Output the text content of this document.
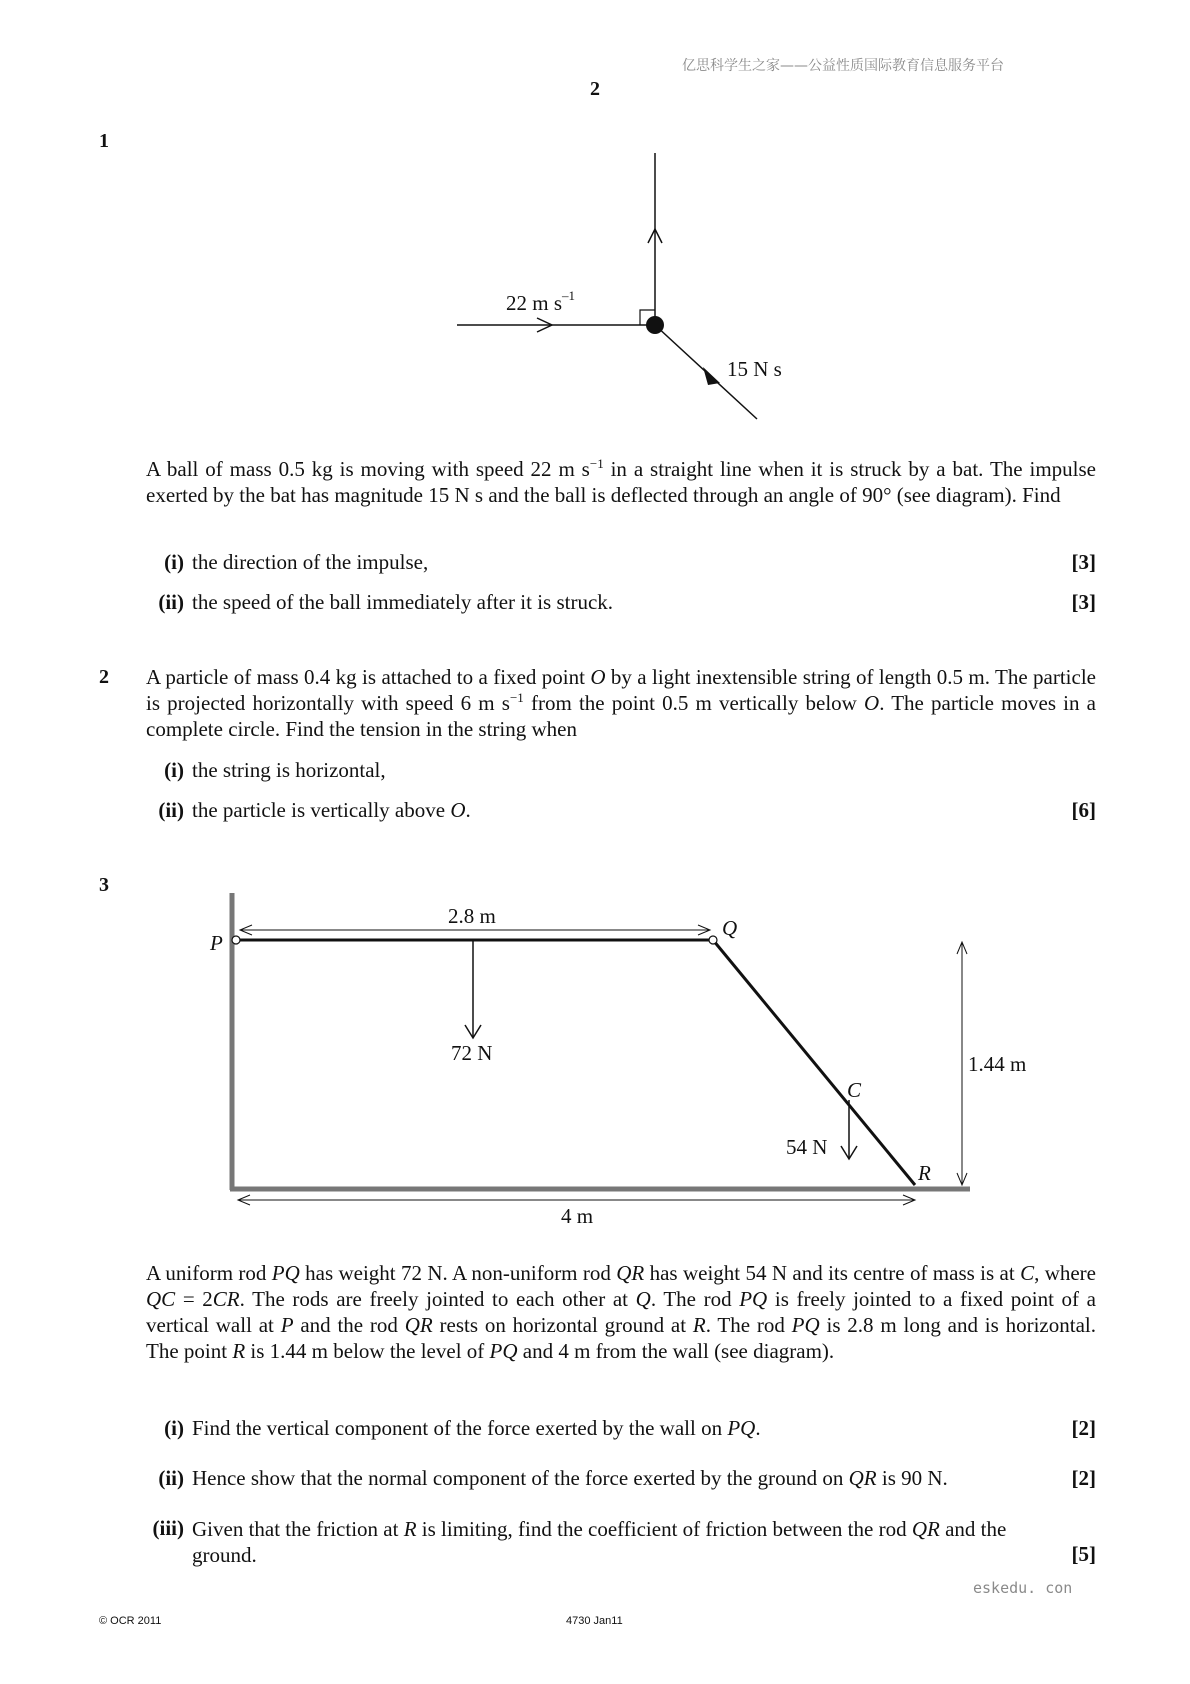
亿思科学生之家——公益性质国际教育信息服务平台
2
1
22 m $s^{-1}$
15 N s
A ball of mass 0.5 kg is moving with speed 22 m $s^{-1}$ in a straight line when it is struck by a bat. The impulse exerted by the bat has magnitude 15 N s and the ball is deflected through an angle of 90° (see diagram). Find
(i) the direction of the impulse,	[3]
(ii) the speed of the ball immediately after it is struck.	[3]
2 A particle of mass 0.4 kg is attached to a fixed point O by a light inextensible string of length 0.5 m. The particle is projected horizontally with speed 6 m $s^{-1}$ from the point 0.5 m vertically below O. The particle moves in a complete circle. Find the tension in the string when
(i) the string is horizontal,
(ii) the particle is vertically above O.	[6]
3
P
Q
C
R
2.8 m
72 N
54 N
1.44 m
4 m
A uniform rod PQ has weight 72 N. A non-uniform rod QR has weight 54 N and its centre of mass is at C, where QC = 2CR. The rods are freely jointed to each other at Q. The rod PQ is freely jointed to a fixed point of a vertical wall at P and the rod QR rests on horizontal ground at R. The rod PQ is 2.8 m long and is horizontal. The point R is 1.44 m below the level of PQ and 4 m from the wall (see diagram).
(i) Find the vertical component of the force exerted by the wall on PQ.	[2]
(ii) Hence show that the normal component of the force exerted by the ground on QR is 90 N.	[2]
(iii) Given that the friction at R is limiting, find the coefficient of friction between the rod QR and the ground.	[5]
eskedu. con
© OCR 2011	4730 Jan11
